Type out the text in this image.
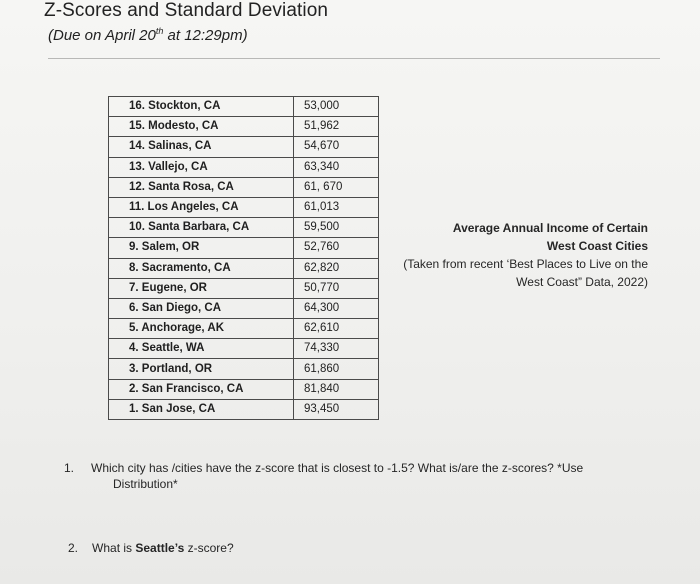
Z-Scores and Standard Deviation
(Due on April 20th at 12:29pm)
16. Stockton, CA	53,000
15. Modesto, CA	51,962
14. Salinas, CA	54,670
13. Vallejo, CA	63,340
12. Santa Rosa, CA	61, 670
11. Los Angeles, CA	61,013
10. Santa Barbara, CA	59,500
9. Salem, OR	52,760
8. Sacramento, CA	62,820
7. Eugene, OR	50,770
6. San Diego, CA	64,300
5. Anchorage, AK	62,610
4. Seattle, WA	74,330
3. Portland, OR	61,860
2. San Francisco, CA	81,840
1. San Jose, CA	93,450
Average Annual Income of Certain
West Coast Cities
(Taken from recent ‘Best Places to Live on the
West Coast” Data, 2022)
1. Which city has /cities have the z-score that is closest to -1.5? What is/are the z-scores? *Use
Distribution*
2. What is Seattle’s z-score?
